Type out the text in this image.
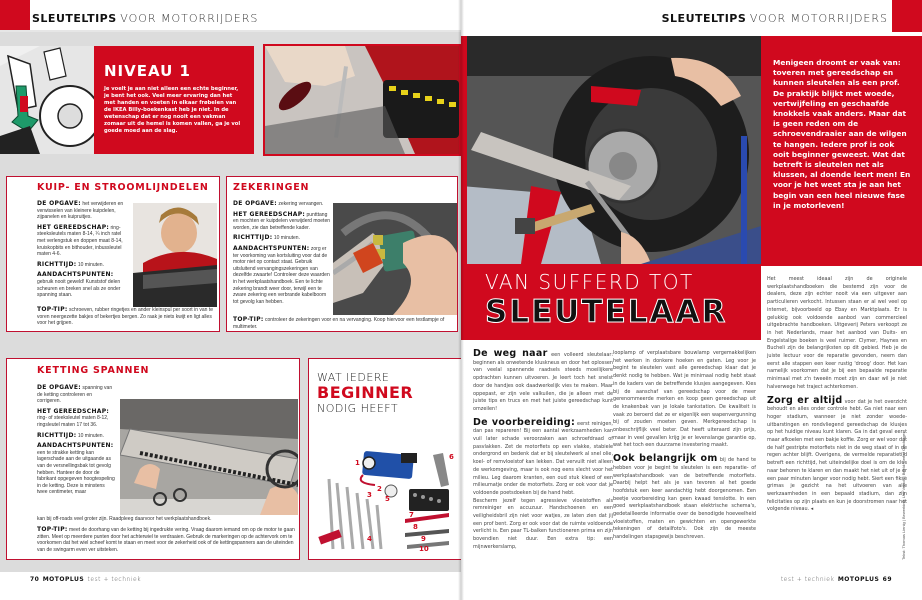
SLEUTELTIPS VOOR MOTORRIJDERS
NIVEAU 1
Je voelt je aan niet alleen een echte beginner, je bent het ook. Veel meer ervaring dan het met handen en voeten in elkaar frøbelen van de IKEA Billy-boekenkast heb je niet. In de wetenschap dat er nog nooit een vakman zomaar uit de hemel is komen vallen, ga je vol goede moed aan de slag.
KUIP- EN STROOMLIJNDELEN
DE OPGAVE: het verwijderen en verwisselen van kleinere kuipdelen, zijpanelen en kuipruitjes.
HET GEREEDSCHAP: ring-steeksleutels maten 8-14, ¼ inch ratel met verlengstuk en doppen maat 8-14, kruiskopbits en bithouder, inbussleutel maten 4-6.
RICHTTIJD: 10 minuten.
AANDACHTSPUNTEN: gebruik nooit geweld! Kunststof delen scheuren en breken snel als ze onder spanning staan.
TOP-TIP: schroeven, rubber ringetjes en ander kleinspul per soort in van te voren neergezette bakjes of bekertjes bergen. Zo raak je niets kwijt en ligt alles voor het grijpen.
ZEKERINGEN
DE OPGAVE: zekering vervangen.
HET GEREEDSCHAP: puntttang en mochten er kuipdelen verwijderd moeten worden, zie dan betreffende kader.
RICHTTIJD: 10 minuten.
AANDACHTSPUNTEN: zorg er ter voorkoming van kortsluiting voor dat de motor niet op contact staat. Gebruik uitsluitend vervangingszekeringen van dezelfde zwaarte! Controleer deze waarden in het werkplaatshandboek. Een te lichte zekering brandt weer door, terwijl een te zware zekering een verbrande kabelboom tot gevolg kan hebben.
TOP-TIP: controleer de zekeringen voor en na vervanging. Koop hiervoor een testlampje of multimeter.
KETTING SPANNEN
DE OPGAVE: spanning van de ketting controleren en corrigeren.
HET GEREEDSCHAP: ring- of steeksleutel maten 8-12, ringsleutel maten 17 tot 36.
RICHTTIJD: 10 minuten.
AANDACHTSPUNTEN: een te strakke ketting kan lagerschade aan de uitgaande as van de versnellingsbak tot gevolg hebben. Hanteer de door de fabrikant opgegeven hoogtespeling in de ketting. Deze is minstens twee centimeter, maar
kan bij off-roads veel groter zijn. Raadpleeg daarvoor het werkplaatshandboek.
TOP-TIP: meet de doorhang van de ketting bij ingedrukte vering. Vraag daarom iemand om op de motor te gaan zitten. Meet op meerdere punten door het achterwiel te verdraaien. Gebruik de markeringen op de achtervork om te voorkomen dat het wiel scheef komt te staan en meet voor de zekerheid ook of de kettingspanners aan de uiteinden van de swingarm even ver uitsteken.
WAT IEDERE
BEGINNER
NODIG HEEFT
1
2
3
4
5
6
7
8
9
10
70 MOTOPLUS test + techniek
SLEUTELTIPS VOOR MOTORRIJDERS
Menigeen droomt er vaak van: toveren met gereedschap en kunnen sleutelen als een prof. De praktijk blijkt met woede, vertwijfeling en geschaafde knokkels vaak anders. Maar dat is geen reden om de schroevendraaier aan de wilgen te hangen. Iedere prof is ook ooit beginner geweest. Wat dat betreft is sleutelen net als klussen, al doende leert men! En voor je het weet sta je aan het begin van een heel nieuwe fase in je motorleven!
VAN SUFFERD TOT
SLEUTELAAR

De weg naar een volleerd sleutelaar: beginnen als onwetende kluskneus en door het oplossen van veelal spannende raadsels steeds moeilijkere opdrachten kunnen uitvoeren. Je leert toch het snelst door de handjes ook daadwerkelijk vies te maken. Maar oppepast, er zijn vele valkuilen, die je alleen met de juiste tips en trucs en met het juiste gereedschap kunt omzeilen!

De voorbereiding: eerst reinigen, dan pas repareren! Bij een aantal werkzaamheden kan vuil later schade veroorzaken aan schroefdraad of pasvlakken. Zet de motorfiets op een vlakke, stabiele ondergrond en bedenk dat er bij sleutelwerk al snel olie, koel- of remvloeistof kan lekken. Dat vervuilt niet alleen de werkomgeving, maar is ook nog eens slecht voor het milieu. Leg daarom kranten, een oud stuk kleed of een milieumatje onder de motorfiets. Zorg er ook voor dat je voldoende poetsdoeken bij de hand hebt.

Bescherm jezelf tegen agressieve vloeistoffen als remreiniger en accuzuur. Handschoenen en een veiligheidsbril zijn niet voor watjes, ze laten zien dat jij een prof bent. Zorg er ook voor dat de ruimte voldoende verlicht is. Een paar TL-balken functioneren prima en zijn bovendien niet duur. Een extra tip: een mijnwerkerslamp,

looplamp of verplaatsbare bouwlamp vergemakkelijken het werken in donkere hoeken en gaten. Leg voor je begint te sleutelen vast alle gereedschap klaar dat je denkt nodig te hebben. Wat je minimaal nodig hebt staat in de kaders van de betreffende klusjes aangegeven. Kies bij de aanschaf van gereedschap voor de meer gerenommeerde merken en koop geen gereedschap uit de knakenbak van je lokale tankstation. De kwaliteit is vaak zo beroerd dat ze er eigenlijk een wapenvergunning bij of zouden moeten geven. Merkgereedschap is onbeschrijflijk veel beter. Dat heeft uiteraard zijn prijs, maar in veel gevallen krijg je er levenslange garantie op, wat het toch een duurzame investering maakt.

Ook belangrijk om bij de hand te hebben voor je begint te sleutelen is een reparatie- of werkplaatshandboek van de betreffende motorfiets. Daarbij helpt het als je van tevoren al het goede hoofdstuk een keer aandachtig hebt doorgenomen. Een beetje voorbereiding kan geen kwaad tenslotte. In een goed werkplaatshandboek staan elektrische schema's, gedetailleerde informatie over de benodigde hoeveelheid vloeistoffen, maten en gewichten en opengewerkte tekeningen of detailfoto's. Ook zijn de meeste handelingen stapsgewijs beschreven.

Het meest ideaal zijn de originele werkplaatshandboeken die bestemd zijn voor de dealers, deze zijn echter nooit via een uitgever aan particulieren verkocht. Intussen staan er al wel veel op internet, bijvoorbeeld op Ebay en Marktplaats. Er is gelukkig ook voldoende aanbod van commercieel uitgebrachte handboeken. Uitgeverij Peters verkoopt ze in het Nederlands, maar het aanbod van Duits- en Engelstalige boeken is veel ruimer. Clymer, Haynes en Bucheli zijn de belangrijksten op dit gebied. Heb je de juiste lectuur voor de reparatie gevonden, neem dan eerst alle stappen een keer rustig 'droog' door. Het kan namelijk voorkomen dat je bij een bepaalde reparatie minimaal met z'n tweeën moet zijn en daar wil je niet halverwege het traject achterkomen.

Zorg er altijd voor dat je het overzicht behoudt en alles onder controle hebt. Ga niet naar een hoger stadium, wanneer je niet zonder woede-uitbarstingen en rondvliegend gereedschap de klusjes op het huidige niveau kunt klaren. Ga in dat geval eerst maar afkoelen met een bakje koffie. Zorg er wel voor dat de half gestripte motorfiets niet in de weg staat of in de regen achter blijft. Overigens, de vermelde reparatietijd betreft een richttijd, het uiteindelijke doel is om de klus naar behoren te klaren en dan maakt het niet uit of je er een paar minuten langer voor nodig hebt. Siert een fikse grimas je gezicht na het uitvoeren van alle werkzaamheden in een bepaald stadium, dan zijn felicitaties op zijn plaats en kun je doorstromen naar het volgende niveau. ◂	Tekst: Thomas Lienig | Bewerking: Leif Vetsch | Beeld: Bernd Olschlager
test + techniek MOTOPLUS 69
